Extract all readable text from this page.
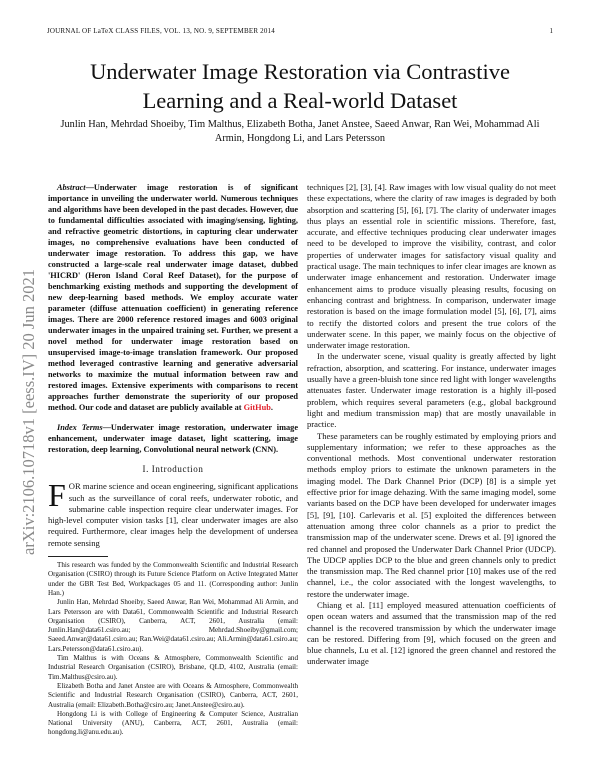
JOURNAL OF LaTeX CLASS FILES, VOL. 13, NO. 9, SEPTEMBER 2014	1
arXiv:2106.10718v1 [eess.IV] 20 Jun 2021
Underwater Image Restoration via Contrastive Learning and a Real-world Dataset
Junlin Han, Mehrdad Shoeiby, Tim Malthus, Elizabeth Botha, Janet Anstee, Saeed Anwar, Ran Wei, Mohammad Ali Armin, Hongdong Li, and Lars Petersson

Abstract—Underwater image restoration is of significant importance in unveiling the underwater world. Numerous techniques and algorithms have been developed in the past decades. However, due to fundamental difficulties associated with imaging/sensing, lighting, and refractive geometric distortions, in capturing clear underwater images, no comprehensive evaluations have been conducted of underwater image restoration. To address this gap, we have constructed a large-scale real underwater image dataset, dubbed 'HICRD' (Heron Island Coral Reef Dataset), for the purpose of benchmarking existing methods and supporting the development of new deep-learning based methods. We employ accurate water parameter (diffuse attenuation coefficient) in generating reference images. There are 2000 reference restored images and 6003 original underwater images in the unpaired training set. Further, we present a novel method for underwater image restoration based on unsupervised image-to-image translation framework. Our proposed method leveraged contrastive learning and generative adversarial networks to maximize the mutual information between raw and restored images. Extensive experiments with comparisons to recent approaches further demonstrate the superiority of our proposed method. Our code and dataset are publicly available at GitHub.

Index Terms—Underwater image restoration, underwater image enhancement, underwater image dataset, light scattering, image restoration, deep learning, Convolutional neural network (CNN).

I. Introduction

FOR marine science and ocean engineering, significant applications such as the surveillance of coral reefs, underwater robotic, and submarine cable inspection require clear underwater images. For high-level computer vision tasks [1], clear underwater images are also required. Furthermore, clear images help the development of undersea remote sensing

This research was funded by the Commonwealth Scientific and Industrial Research Organisation (CSIRO) through its Future Science Platform on Active Integrated Matter under the GBR Test Bed, Workpackages 05 and 11. (Corresponding author: Junlin Han.)

Junlin Han, Mehrdad Shoeiby, Saeed Anwar, Ran Wei, Mohammad Ali Armin, and Lars Petersson are with Data61, Commonwealth Scientific and Industrial Research Organisation (CSIRO), Canberra, ACT, 2601, Australia (email: Junlin.Han@data61.csiro.au; Mehrdad.Shoeiby@gmail.com; Saeed.Anwar@data61.csiro.au; Ran.Wei@data61.csiro.au; Ali.Armin@data61.csiro.au; Lars.Petersson@data61.csiro.au).

Tim Malthus is with Oceans & Atmosphere, Commonwealth Scientific and Industrial Research Organisation (CSIRO), Brisbane, QLD, 4102, Australia (email: Tim.Malthus@csiro.au).

Elizabeth Botha and Janet Anstee are with Oceans & Atmosphere, Commonwealth Scientific and Industrial Research Organisation (CSIRO), Canberra, ACT, 2601, Australia (email: Elizabeth.Botha@csiro.au; Janet.Anstee@csiro.au).

Hongdong Li is with College of Engineering & Computer Science, Australian National University (ANU), Canberra, ACT, 2601, Australia (email: hongdong.li@anu.edu.au).

techniques [2], [3], [4]. Raw images with low visual quality do not meet these expectations, where the clarity of raw images is degraded by both absorption and scattering [5], [6], [7]. The clarity of underwater images thus plays an essential role in scientific missions. Therefore, fast, accurate, and effective techniques producing clear underwater images need to be developed to improve the visibility, contrast, and color properties of underwater images for satisfactory visual quality and practical usage. The main techniques to infer clear images are known as underwater image enhancement and restoration. Underwater image enhancement aims to produce visually pleasing results, focusing on enhancing contrast and brightness. In comparison, underwater image restoration is based on the image formulation model [5], [6], [7], aims to rectify the distorted colors and present the true colors of the underwater scene. In this paper, we mainly focus on the objective of underwater image restoration.

In the underwater scene, visual quality is greatly affected by light refraction, absorption, and scattering. For instance, underwater images usually have a green-bluish tone since red light with longer wavelengths attenuates faster. Underwater image restoration is a highly ill-posed problem, which requires several parameters (e.g., global background light and medium transmission map) that are mostly unavailable in practice.

These parameters can be roughly estimated by employing priors and supplementary information; we refer to these approaches as the conventional methods. Most conventional underwater restoration methods employ priors to estimate the unknown parameters in the imaging model. The Dark Channel Prior (DCP) [8] is a simple yet effective prior for image dehazing. With the same imaging model, some variants based on the DCP have been developed for underwater images [5], [9], [10]. Carlevaris et al. [5] exploited the differences between attenuation among three color channels as a prior to predict the transmission map of the underwater scene. Drews et al. [9] ignored the red channel and proposed the Underwater Dark Channel Prior (UDCP). The UDCP applies DCP to the blue and green channels only to predict the transmission map. The Red channel prior [10] makes use of the red channel, i.e., the color associated with the longest wavelengths, to restore the underwater image.

Chiang et al. [11] employed measured attenuation coefficients of open ocean waters and assumed that the transmission map of the red channel is the recovered transmission by which the underwater image can be restored. Differing from [9], which focused on the green and blue channels, Lu et al. [12] ignored the green channel and restored the underwater image
